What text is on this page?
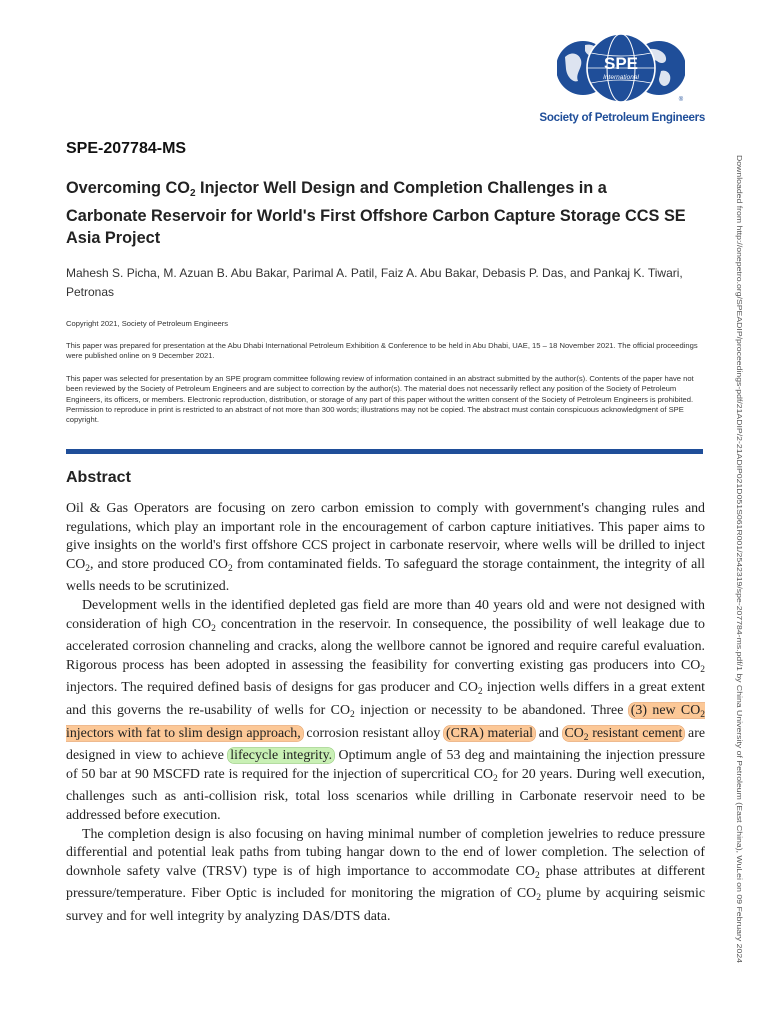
SPE
International
®
Society of Petroleum Engineers
SPE-207784-MS
Overcoming $CO_2$ Injector Well Design and Completion Challenges in a Carbonate Reservoir for World's First Offshore Carbon Capture Storage CCS SE Asia Project

Mahesh S. Picha, M. Azuan B. Abu Bakar, Parimal A. Patil, Faiz A. Abu Bakar, Debasis P. Das, and Pankaj K. Tiwari, Petronas

Copyright 2021, Society of Petroleum Engineers

This paper was prepared for presentation at the Abu Dhabi International Petroleum Exhibition & Conference to be held in Abu Dhabi, UAE, 15 – 18 November 2021. The official proceedings were published online on 9 December 2021.

This paper was selected for presentation by an SPE program committee following review of information contained in an abstract submitted by the author(s). Contents of the paper have not been reviewed by the Society of Petroleum Engineers and are subject to correction by the author(s). The material does not necessarily reflect any position of the Society of Petroleum Engineers, its officers, or members. Electronic reproduction, distribution, or storage of any part of this paper without the written consent of the Society of Petroleum Engineers is prohibited. Permission to reproduce in print is restricted to an abstract of not more than 300 words; illustrations may not be copied. The abstract must contain conspicuous acknowledgment of SPE copyright.	Downloaded from http://onepetro.org/SPEADIP/proceedings-pdf/21ADIP/2-21ADIP021D051S061R001/2542319/spe-207784-ms.pdf/1 by China University of Petroleum (East China), WuLei on 09 February 2024
Abstract

Oil & Gas Operators are focusing on zero carbon emission to comply with government's changing rules and regulations, which play an important role in the encouragement of carbon capture initiatives. This paper aims to give insights on the world's first offshore CCS project in carbonate reservoir, where wells will be drilled to inject $CO_2$, and store produced $CO_2$ from contaminated fields. To safeguard the storage containment, the integrity of all wells needs to be scrutinized.

Development wells in the identified depleted gas field are more than 40 years old and were not designed with consideration of high $CO_2$ concentration in the reservoir. In consequence, the possibility of well leakage due to accelerated corrosion channeling and cracks, along the wellbore cannot be ignored and require careful evaluation. Rigorous process has been adopted in assessing the feasibility for converting existing gas producers into $CO_2$ injectors. The required defined basis of designs for gas producer and $CO_2$ injection wells differs in a great extent and this governs the re-usability of wells for $CO_2$ injection or necessity to be abandoned. Three (3) new $CO_2$ injectors with fat to slim design approach, corrosion resistant alloy (CRA) material and $CO_2$ resistant cement are designed in view to achieve lifecycle integrity. Optimum angle of 53 deg and maintaining the injection pressure of 50 bar at 90 MSCFD rate is required for the injection of supercritical $CO_2$ for 20 years. During well execution, challenges such as anti-collision risk, total loss scenarios while drilling in Carbonate reservoir need to be addressed before execution.

The completion design is also focusing on having minimal number of completion jewelries to reduce pressure differential and potential leak paths from tubing hangar down to the end of lower completion. The selection of downhole safety valve (TRSV) type is of high importance to accommodate $CO_2$ phase attributes at different pressure/temperature. Fiber Optic is included for monitoring the migration of $CO_2$ plume by acquiring seismic survey and for well integrity by analyzing DAS/DTS data.
